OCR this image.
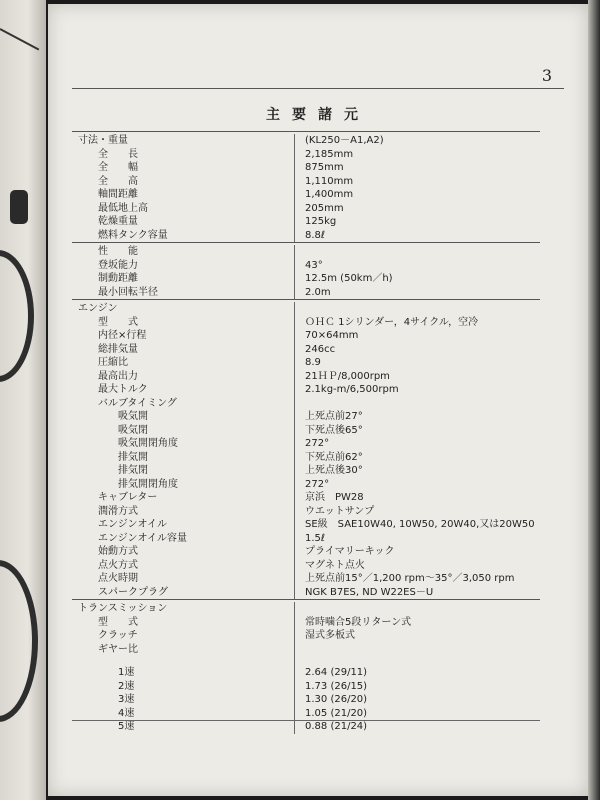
3
主要諸元
寸法・重量	(KL250－A1,A2)
全　　長	2,185mm
全　　幅	875mm
全　　高	1,110mm
軸間距離	1,400mm
最低地上高	205mm
乾燥重量	125kg
燃料タンク容量	8.8ℓ
性　　能
登坂能力	43°
制動距離	12.5m (50km／h)
最小回転半径	2.0m
エンジン
型　　式	ＯＨＣ 1シリンダー，4サイクル，空冷
内径×行程	70×64mm
総排気量	246cc
圧縮比	8.9
最高出力	21ＨＰ/8,000rpm
最大トルク	2.1kg-m/6,500rpm
バルブタイミング
吸気開	上死点前27°
吸気閉	下死点後65°
吸気開閉角度	272°
排気開	下死点前62°
排気閉	上死点後30°
排気開閉角度	272°
キャブレター	京浜　PW28
潤滑方式	ウエットサンプ
エンジンオイル	SE級　SAE10W40, 10W50, 20W40,又は20W50
エンジンオイル容量	1.5ℓ
始動方式	プライマリーキック
点火方式	マグネト点火
点火時期	上死点前15°／1,200 rpm～35°／3,050 rpm
スパークプラグ	NGK B7ES, ND W22ES－U
トランスミッション
型　　式	常時噛合5段リターン式
クラッチ	湿式多板式
ギヤー比
1速	2.64 (29/11)
2速	1.73 (26/15)
3速	1.30 (26/20)
4速	1.05 (21/20)
5速	0.88 (21/24)
